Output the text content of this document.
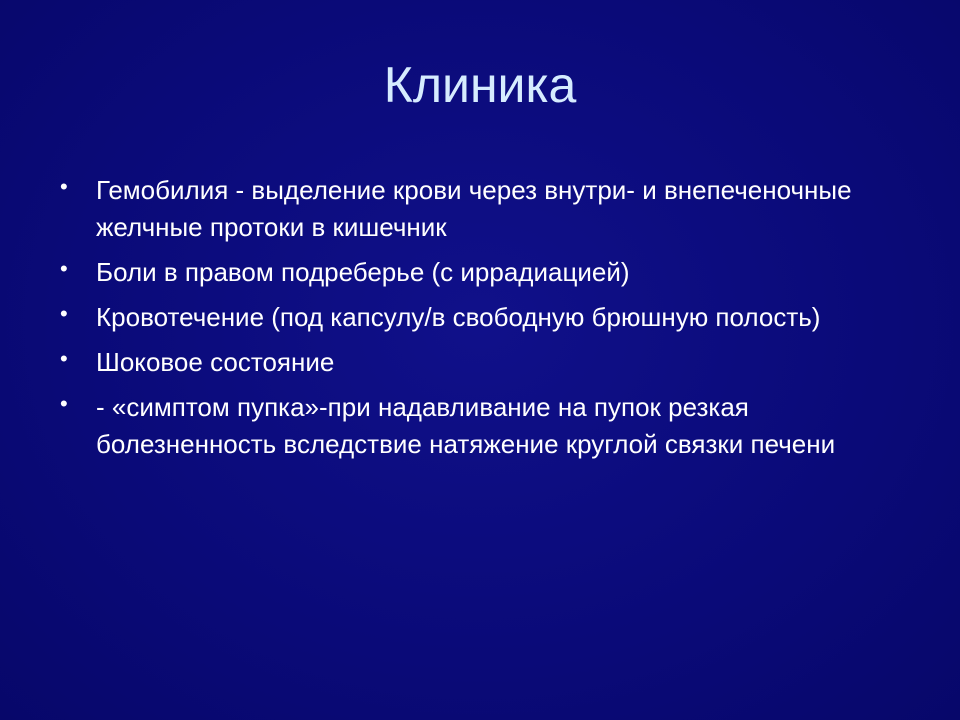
Клиника
• Гемобилия - выделение крови через внутри- и внепеченочные желчные протоки в кишечник
• Боли в правом подреберье (с иррадиацией)
• Кровотечение (под капсулу/в свободную брюшную полость)
• Шоковое состояние
• - «симптом пупка»-при надавливание на пупок резкая болезненность вследствие натяжение круглой связки печени
